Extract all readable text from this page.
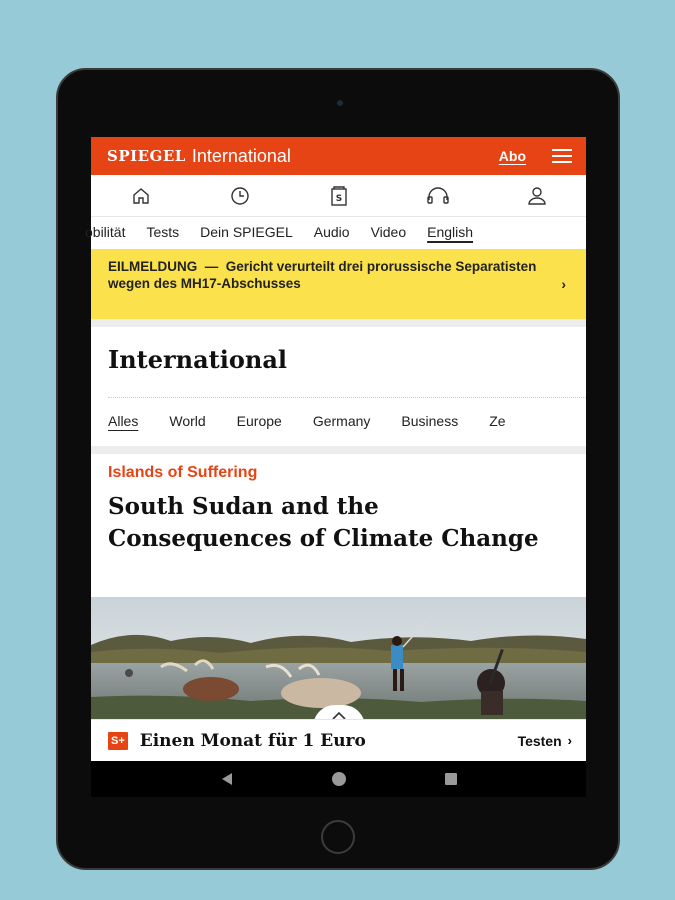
SPIEGEL International	Abo
S
obilität Tests Dein SPIEGEL Audio Video English
EILMELDUNG — Gericht verurteilt drei prorussische Separatisten wegen des MH17-Abschusses	›
International
Alles World Europe Germany Business Ze
Islands of Suffering
South Sudan and the Consequences of Climate Change
S+ Einen Monat für 1 Euro	Testen ›
